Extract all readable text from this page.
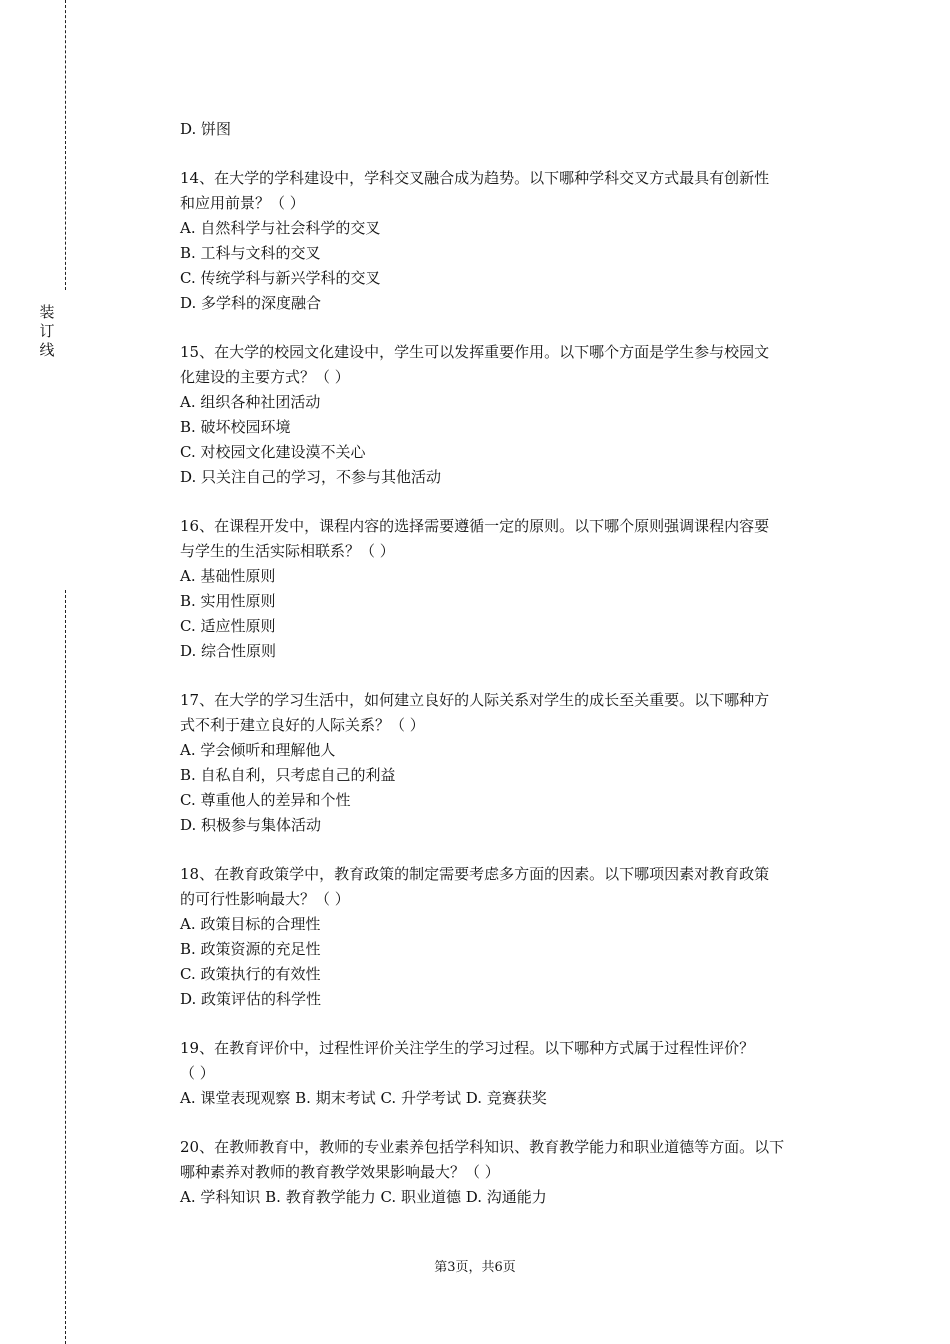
装
订
线
D. 饼图
14、在大学的学科建设中，学科交叉融合成为趋势。以下哪种学科交叉方式最具有创新性
和应用前景？（ ）
A. 自然科学与社会科学的交叉
B. 工科与文科的交叉
C. 传统学科与新兴学科的交叉
D. 多学科的深度融合
15、在大学的校园文化建设中，学生可以发挥重要作用。以下哪个方面是学生参与校园文
化建设的主要方式？（ ）
A. 组织各种社团活动
B. 破坏校园环境
C. 对校园文化建设漠不关心
D. 只关注自己的学习，不参与其他活动
16、在课程开发中，课程内容的选择需要遵循一定的原则。以下哪个原则强调课程内容要
与学生的生活实际相联系？（ ）
A. 基础性原则
B. 实用性原则
C. 适应性原则
D. 综合性原则
17、在大学的学习生活中，如何建立良好的人际关系对学生的成长至关重要。以下哪种方
式不利于建立良好的人际关系？（ ）
A. 学会倾听和理解他人
B. 自私自利，只考虑自己的利益
C. 尊重他人的差异和个性
D. 积极参与集体活动
18、在教育政策学中，教育政策的制定需要考虑多方面的因素。以下哪项因素对教育政策
的可行性影响最大？（ ）
A. 政策目标的合理性
B. 政策资源的充足性
C. 政策执行的有效性
D. 政策评估的科学性
19、在教育评价中，过程性评价关注学生的学习过程。以下哪种方式属于过程性评价？
（ ）
A. 课堂表现观察 B. 期末考试 C. 升学考试 D. 竞赛获奖
20、在教师教育中，教师的专业素养包括学科知识、教育教学能力和职业道德等方面。以下
哪种素养对教师的教育教学效果影响最大？（ ）
A. 学科知识 B. 教育教学能力 C. 职业道德 D. 沟通能力
第3页，共6页
